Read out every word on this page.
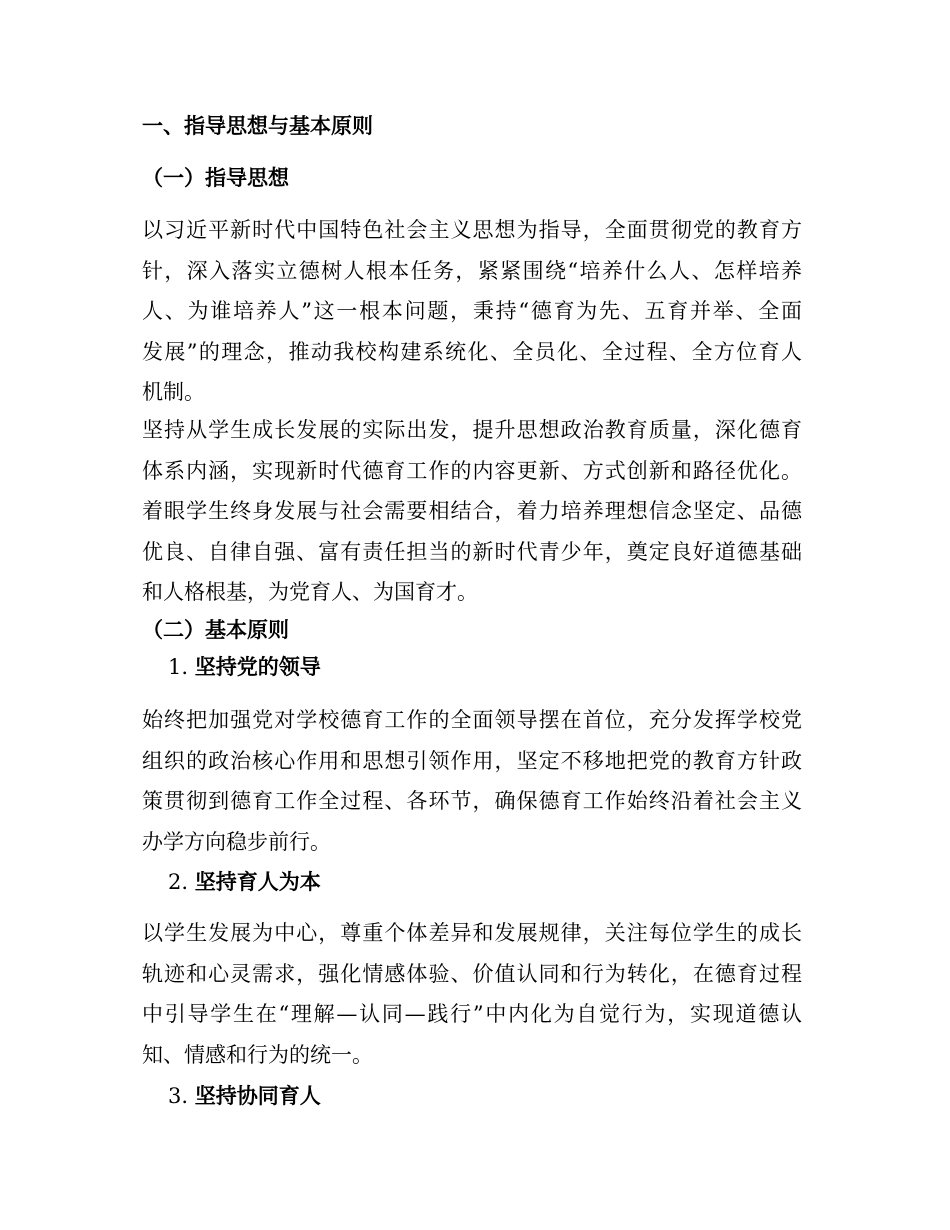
一、指导思想与基本原则
（一）指导思想
以习近平新时代中国特色社会主义思想为指导，全面贯彻党的教育方
针，深入落实立德树人根本任务，紧紧围绕“培养什么人、怎样培养
人、为谁培养人”这一根本问题，秉持“德育为先、五育并举、全面
发展”的理念，推动我校构建系统化、全员化、全过程、全方位育人
机制。
坚持从学生成长发展的实际出发，提升思想政治教育质量，深化德育
体系内涵，实现新时代德育工作的内容更新、方式创新和路径优化。
着眼学生终身发展与社会需要相结合，着力培养理想信念坚定、品德
优良、自律自强、富有责任担当的新时代青少年，奠定良好道德基础
和人格根基，为党育人、为国育才。
（二）基本原则
1. 坚持党的领导
始终把加强党对学校德育工作的全面领导摆在首位，充分发挥学校党
组织的政治核心作用和思想引领作用，坚定不移地把党的教育方针政
策贯彻到德育工作全过程、各环节，确保德育工作始终沿着社会主义
办学方向稳步前行。
2. 坚持育人为本
以学生发展为中心，尊重个体差异和发展规律，关注每位学生的成长
轨迹和心灵需求，强化情感体验、价值认同和行为转化，在德育过程
中引导学生在“理解—认同—践行”中内化为自觉行为，实现道德认
知、情感和行为的统一。
3. 坚持协同育人
